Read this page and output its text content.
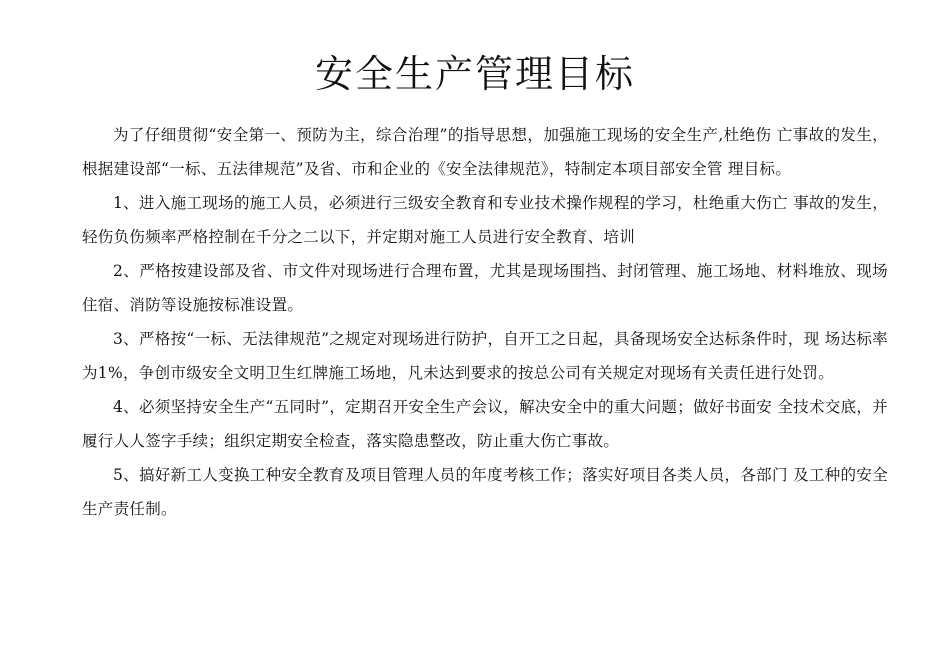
安全生产管理目标

为了仔细贯彻“安全第一、预防为主，综合治理”的指导思想，加强施工现场的安全生产,杜绝伤 亡事故的发生，根据建设部“一标、五法律规范”及省、市和企业的《安全法律规范》，特制定本项目部安全管 理目标。

1、进入施工现场的施工人员，必须进行三级安全教育和专业技术操作规程的学习，杜绝重大伤亡 事故的发生，轻伤负伤频率严格控制在千分之二以下，并定期对施工人员进行安全教育、培训

2、严格按建设部及省、市文件对现场进行合理布置，尤其是现场围挡、封闭管理、施工场地、材料堆放、现场住宿、消防等设施按标准设置。

3、严格按“一标、无法律规范”之规定对现场进行防护，自开工之日起，具备现场安全达标条件时，现 场达标率为1%，争创市级安全文明卫生红牌施工场地，凡未达到要求的按总公司有关规定对现场有关责任进行处罚。

4、必须坚持安全生产“五同时”，定期召开安全生产会议，解决安全中的重大问题；做好书面安 全技术交底，并履行人人签字手续；组织定期安全检查，落实隐患整改，防止重大伤亡事故。

5、搞好新工人变换工种安全教育及项目管理人员的年度考核工作；落实好项目各类人员，各部门 及工种的安全生产责任制。
